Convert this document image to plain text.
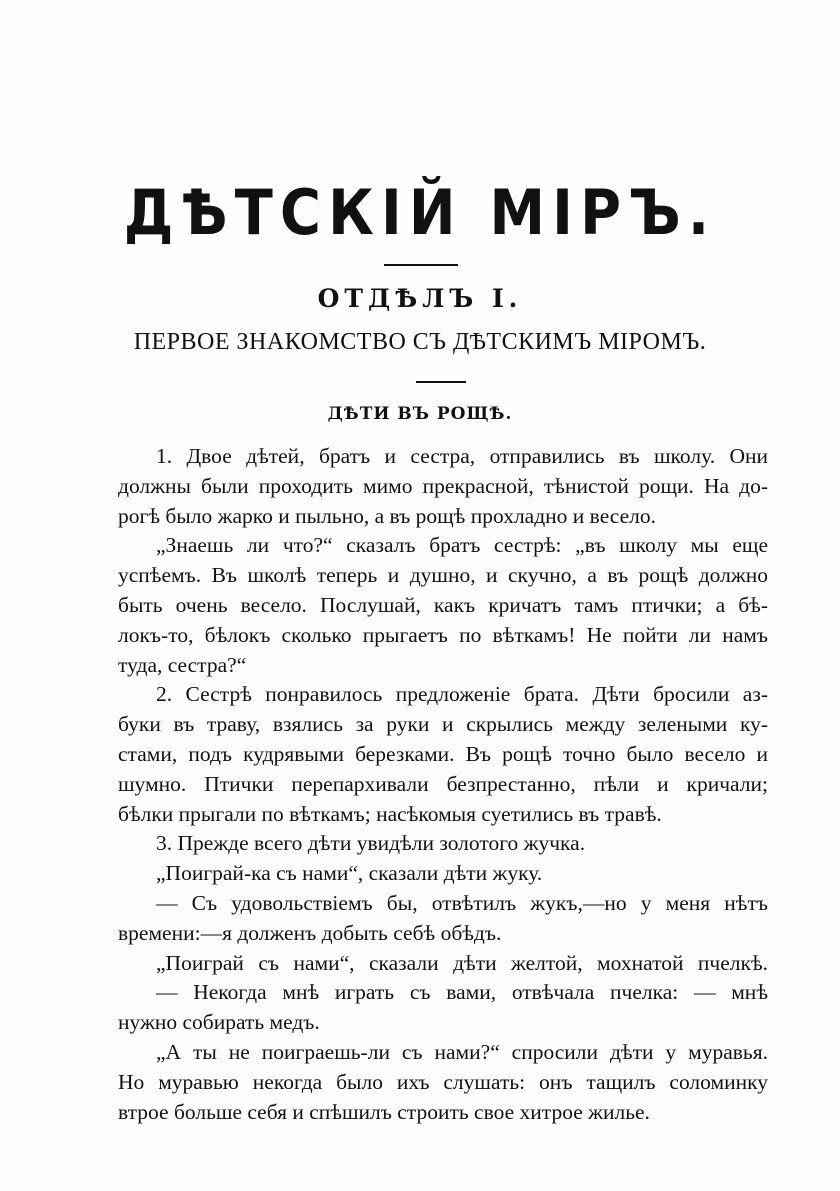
ДѢТСКІЙ МІРЪ.
ОТДѢЛЪ I.
ПЕРВОЕ ЗНАКОМСТВО СЪ ДѢТСКИМЪ МІРОМЪ.
ДѢТИ ВЪ РОЩѢ.
1. Двое дѣтей, братъ и сестра, отправились въ школу. Они
должны были проходить мимо прекрасной, тѣнистой рощи. На до-
рогѣ было жарко и пыльно, а въ рощѣ прохладно и весело.
„Знаешь ли что?“ сказалъ братъ сестрѣ: „въ школу мы еще
успѣемъ. Въ школѣ теперь и душно, и скучно, а въ рощѣ должно
быть очень весело. Послушай, какъ кричатъ тамъ птички; а бѣ-
локъ-то, бѣлокъ сколько прыгаетъ по вѣткамъ! Не пойти ли намъ
туда, сестра?“
2. Сестрѣ понравилось предложеніе брата. Дѣти бросили аз-
буки въ траву, взялись за руки и скрылись между зелеными ку-
стами, подъ кудрявыми березками. Въ рощѣ точно было весело и
шумно. Птички перепархивали безпрестанно, пѣли и кричали;
бѣлки прыгали по вѣткамъ; насѣкомыя суетились въ травѣ.
3. Прежде всего дѣти увидѣли золотого жучка.
„Поиграй-ка съ нами“, сказали дѣти жуку.
— Съ удовольствіемъ бы, отвѣтилъ жукъ,—но у меня нѣтъ
времени:—я долженъ добыть себѣ обѣдъ.
„Поиграй съ нами“, сказали дѣти желтой, мохнатой пчелкѣ.
— Некогда мнѣ играть съ вами, отвѣчала пчелка: — мнѣ
нужно собирать медъ.
„А ты не поиграешь-ли съ нами?“ спросили дѣти у муравья.
Но муравью некогда было ихъ слушать: онъ тащилъ соломинку
втрое больше себя и спѣшилъ строить свое хитрое жилье.
